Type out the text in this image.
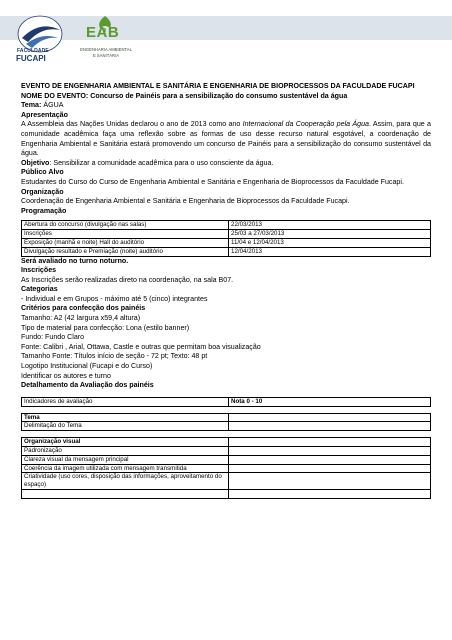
FACULDADE
FUCAPI
EAB
ENGENHARIA AMBIENTAL
E SANITÁRIA

EVENTO DE ENGENHARIA AMBIENTAL E SANITÁRIA E ENGENHARIA DE BIOPROCESSOS DA FACULDADE FUCAPI

NOME DO EVENTO: Concurso de Painéis para a sensibilização do consumo sustentável da água

Tema: ÁGUA

Apresentação

A Assembleia das Nações Unidas declarou o ano de 2013 como ano Internacional da Cooperação pela Água. Assim, para que a comunidade acadêmica faça uma reflexão sobre as formas de uso desse recurso natural esgotável, a coordenação de Engenharia Ambiental e Sanitária estará promovendo um concurso de Painéis para a sensibilização do consumo sustentável da água.

Objetivo: Sensibilizar a comunidade acadêmica para o uso consciente da água.

Público Alvo

Estudantes do Curso do Curso de Engenharia Ambiental e Sanitária e Engenharia de Bioprocessos da Faculdade Fucapi.

Organização

Coordenação de Engenharia Ambiental e Sanitária e Engenharia de Bioprocessos da Faculdade Fucapi.

Programação

Abertura do concurso (divulgação nas salas)	22/03/2013
Inscrições	25/03 a 27/03/2013
Exposição (manhã e noite) Hall do auditório	11/04 e 12/04/2013
Divulgação resultado e Premiação (noite) auditório	12/04/2013

Será avaliado no turno noturno.

Inscrições

As Inscrições serão realizadas direto na coordenação, na sala B07.

Categorias

- Individual e em Grupos - máximo até 5 (cinco) integrantes

Critérios para confecção dos painéis

Tamanho: A2 (42 largura x59,4 altura)

Tipo de material para confecção: Lona (estilo banner)

Fundo: Fundo Claro

Fonte: Calibri , Arial, Ottawa, Castle e outras que permitam boa visualização

Tamanho Fonte: Títulos início de seção - 72 pt; Texto: 48 pt

Logotipo Institucional (Fucapi e do Curso)

Identificar os autores e turno

Detalhamento da Avaliação dos painéis

Indicadores de avaliação	Nota 0 - 10
Tema	
Delimitação do Tema	
Organização visual	
Padronização	
Clareza visual da mensagem principal	
Coerência da imagem utilizada com mensagem transmitida	
Criatividade (uso cores, disposição das informações, aproveitamento do espaço)	
